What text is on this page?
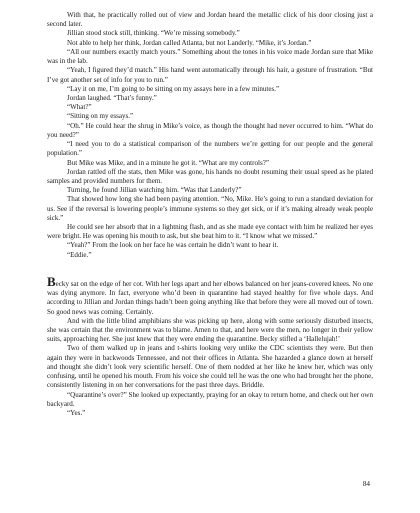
With that, he practically rolled out of view and Jordan heard the metallic click of his door closing just a second later.

Jillian stood stock still, thinking. “We’re missing somebody.”

Not able to help her think, Jordan called Atlanta, but not Landerly. “Mike, it’s Jordan.”

“All our numbers exactly match yours.” Something about the tones in his voice made Jordan sure that Mike was in the lab.

“Yeah, I figured they’d match.” His hand went automatically through his hair, a gesture of frustration. “But I’ve got another set of info for you to run.”

“Lay it on me, I’m going to be sitting on my assays here in a few minutes.”

Jordan laughed. “That’s funny.”

“What?”

“Sitting on my essays.”

“Oh.” He could hear the shrug in Mike’s voice, as though the thought had never occurred to him. “What do you need?”

“I need you to do a statistical comparison of the numbers we’re getting for our people and the general population.”

But Mike was Mike, and in a minute he got it. “What are my controls?”

Jordan rattled off the stats, then Mike was gone, his hands no doubt resuming their usual speed as he plated samples and provided numbers for them.

Turning, he found Jillian watching him. “Was that Landerly?”

That showed how long she had been paying attention. “No, Mike. He’s going to run a standard deviation for us. See if the reversal is lowering people’s immune systems so they get sick, or if it’s making already weak people sick.”

He could see her absorb that in a lightning flash, and as she made eye contact with him he realized her eyes were bright. He was opening his mouth to ask, but she beat him to it. “I know what we missed.”

“Yeah?” From the look on her face he was certain he didn’t want to hear it.

“Eddie.”

Becky sat on the edge of her cot. With her legs apart and her elbows balanced on her jeans-covered knees. No one was dying anymore. In fact, everyone who’d been in quarantine had stayed healthy for five whole days. And according to Jillian and Jordan things hadn’t been going anything like that before they were all moved out of town. So good news was coming. Certainly.

And with the little blind amphibians she was picking up here, along with some seriously disturbed insects, she was certain that the environment was to blame. Amen to that, and here were the men, no longer in their yellow suits, approaching her. She just knew that they were ending the quarantine. Becky stifled a ‘Hallelujah!’

Two of them walked up in jeans and t-shirts looking very unlike the CDC scientists they were. But then again they were in backwoods Tennessee, and not their offices in Atlanta. She hazarded a glance down at herself and thought she didn’t look very scientific herself. One of them nodded at her like he knew her, which was only confusing, until he opened his mouth. From his voice she could tell he was the one who had brought her the phone, consistently listening in on her conversations for the past three days. Briddle.

“Quarantine’s over?” She looked up expectantly, praying for an okay to return home, and check out her own backyard.

“Yes.”

84
